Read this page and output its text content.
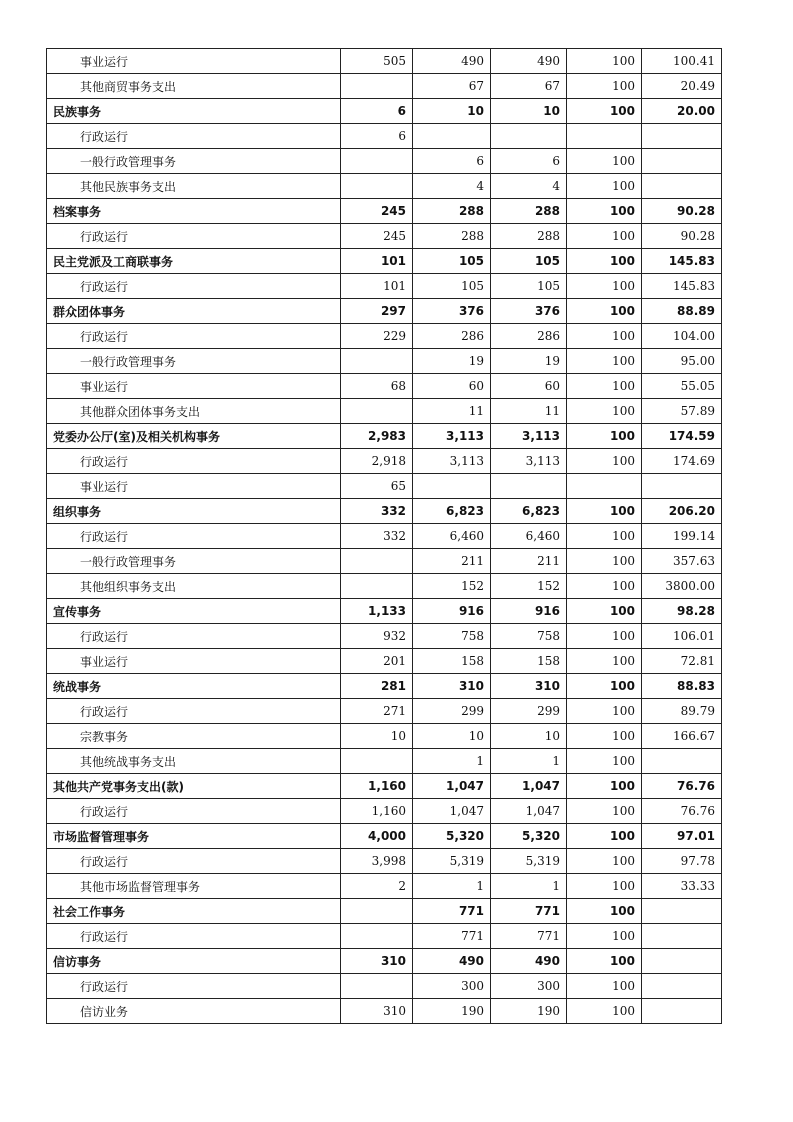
事业运行	505	490	490	100	100.41
其他商贸事务支出		67	67	100	20.49
民族事务	6	10	10	100	20.00
行政运行	6				
一般行政管理事务		6	6	100	
其他民族事务支出		4	4	100	
档案事务	245	288	288	100	90.28
行政运行	245	288	288	100	90.28
民主党派及工商联事务	101	105	105	100	145.83
行政运行	101	105	105	100	145.83
群众团体事务	297	376	376	100	88.89
行政运行	229	286	286	100	104.00
一般行政管理事务		19	19	100	95.00
事业运行	68	60	60	100	55.05
其他群众团体事务支出		11	11	100	57.89
党委办公厅(室)及相关机构事务	2,983	3,113	3,113	100	174.59
行政运行	2,918	3,113	3,113	100	174.69
事业运行	65				
组织事务	332	6,823	6,823	100	206.20
行政运行	332	6,460	6,460	100	199.14
一般行政管理事务		211	211	100	357.63
其他组织事务支出		152	152	100	3800.00
宣传事务	1,133	916	916	100	98.28
行政运行	932	758	758	100	106.01
事业运行	201	158	158	100	72.81
统战事务	281	310	310	100	88.83
行政运行	271	299	299	100	89.79
宗教事务	10	10	10	100	166.67
其他统战事务支出		1	1	100	
其他共产党事务支出(款)	1,160	1,047	1,047	100	76.76
行政运行	1,160	1,047	1,047	100	76.76
市场监督管理事务	4,000	5,320	5,320	100	97.01
行政运行	3,998	5,319	5,319	100	97.78
其他市场监督管理事务	2	1	1	100	33.33
社会工作事务		771	771	100	
行政运行		771	771	100	
信访事务	310	490	490	100	
行政运行		300	300	100	
信访业务	310	190	190	100	
